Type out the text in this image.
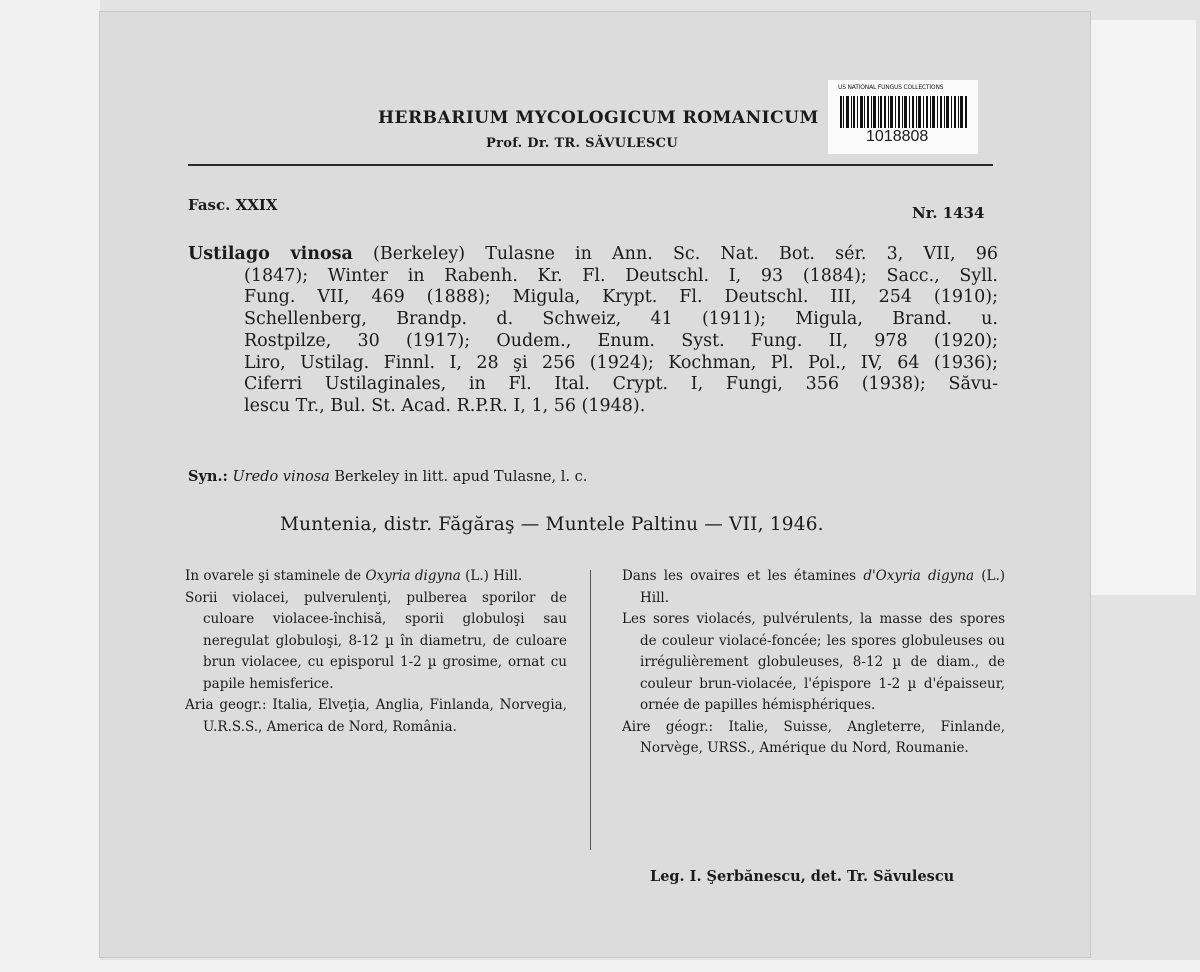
HERBARIUM MYCOLOGICUM ROMANICUM
Prof. Dr. TR. SĂVULESCU
US NATIONAL FUNGUS COLLECTIONS
1018808
Fasc. XXIX	Nr. 1434
Ustilago vinosa (Berkeley) Tulasne in Ann. Sc. Nat. Bot. sér. 3, VII, 96
(1847); Winter in Rabenh. Kr. Fl. Deutschl. I, 93 (1884); Sacc., Syll.
Fung. VII, 469 (1888); Migula, Krypt. Fl. Deutschl. III, 254 (1910);
Schellenberg, Brandp. d. Schweiz, 41 (1911); Migula, Brand. u.
Rostpilze, 30 (1917); Oudem., Enum. Syst. Fung. II, 978 (1920);
Liro, Ustilag. Finnl. I, 28 şi 256 (1924); Kochman, Pl. Pol., IV, 64 (1936);
Ciferri Ustilaginales, in Fl. Ital. Crypt. I, Fungi, 356 (1938); Săvu-
lescu Tr., Bul. St. Acad. R.P.R. I, 1, 56 (1948).
Syn.: Uredo vinosa Berkeley in litt. apud Tulasne, l. c.
Muntenia, distr. Făgăraş — Muntele Paltinu — VII, 1946.

In ovarele şi staminele de Oxyria digyna (L.) Hill.

Sorii violacei, pulverulenţi, pulberea sporilor de culoare violacee-închisă, sporii globuloşi sau neregulat globuloşi, 8-12 µ în diametru, de culoare brun violacee, cu episporul 1-2 µ grosime, ornat cu papile hemisferice.

Aria geogr.: Italia, Elveţia, Anglia, Finlanda, Norvegia, U.R.S.S., America de Nord, România.

Dans les ovaires et les étamines d'Oxyria digyna (L.) Hill.

Les sores violacés, pulvérulents, la masse des spores de couleur violacé-foncée; les spores globuleuses ou irrégulièrement globuleuses, 8-12 µ de diam., de couleur brun-violacée, l'épispore 1-2 µ d'épaisseur, ornée de papilles hémisphériques.

Aire géogr.: Italie, Suisse, Angleterre, Finlande, Norvège, URSS., Amérique du Nord, Roumanie.

Leg. I. Şerbănescu, det. Tr. Săvulescu
